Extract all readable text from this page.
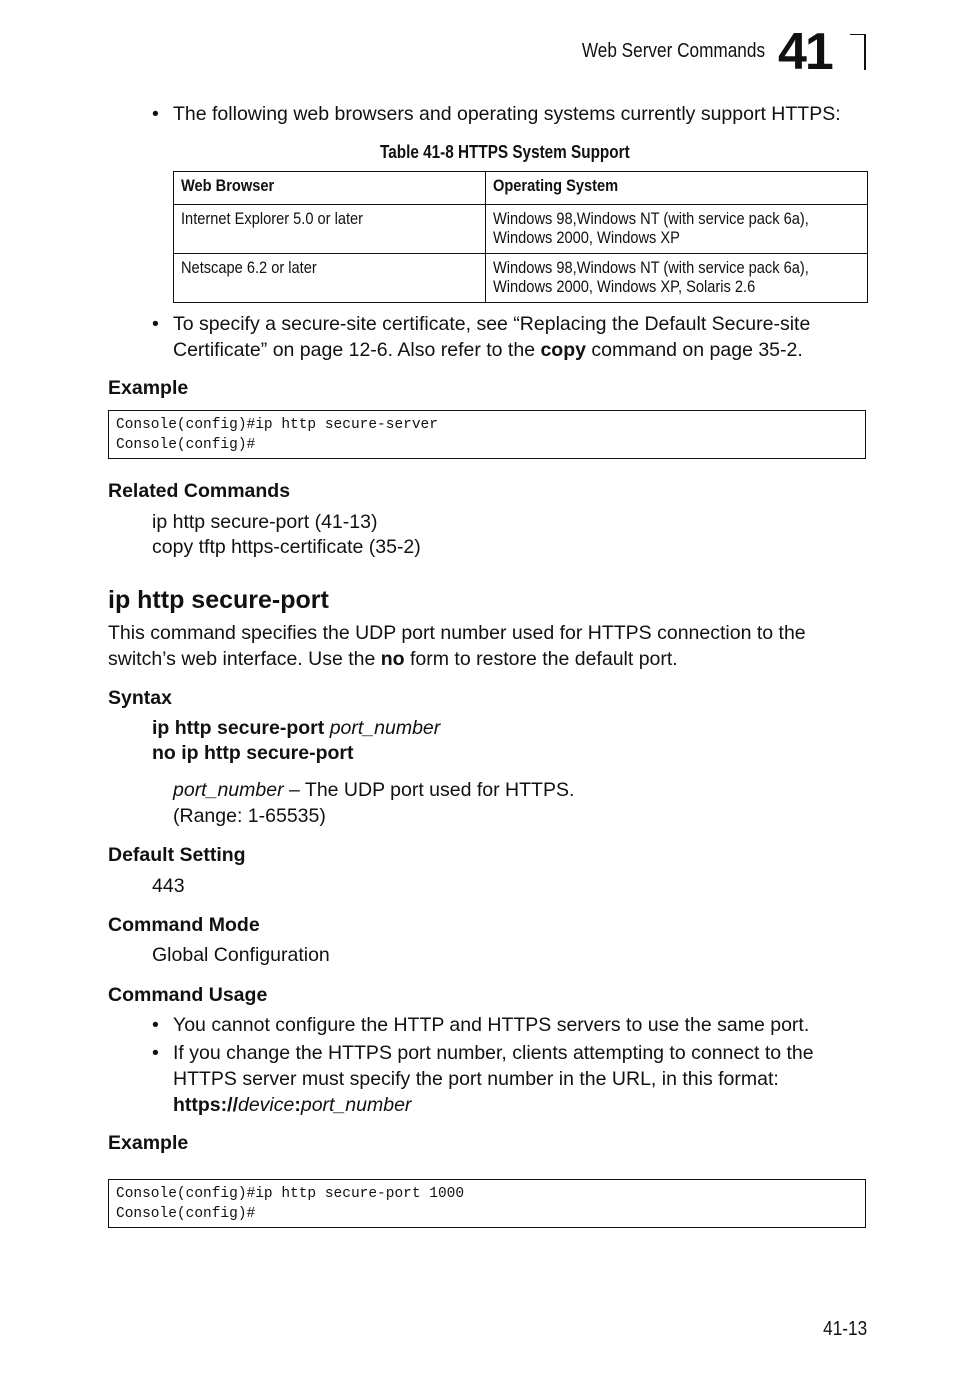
Web Server Commands 41
• The following web browsers and operating systems currently support HTTPS:
Table 41-8 HTTPS System Support
Web Browser	Operating System
Internet Explorer 5.0 or later	Windows 98,Windows NT (with service pack 6a),
Windows 2000, Windows XP
Netscape 6.2 or later	Windows 98,Windows NT (with service pack 6a),
Windows 2000, Windows XP, Solaris 2.6
• To specify a secure-site certificate, see “Replacing the Default Secure-site
Certificate” on page 12-6. Also refer to the copy command on page 35-2.
Example
Console(config)#ip http secure-server
Console(config)#
Related Commands
ip http secure-port (41-13)
copy tftp https-certificate (35-2)
ip http secure-port
This command specifies the UDP port number used for HTTPS connection to the
switch’s web interface. Use the no form to restore the default port.
Syntax
ip http secure-port port_number
no ip http secure-port
port_number – The UDP port used for HTTPS.
(Range: 1-65535)
Default Setting
443
Command Mode
Global Configuration
Command Usage
• You cannot configure the HTTP and HTTPS servers to use the same port.
• If you change the HTTPS port number, clients attempting to connect to the
HTTPS server must specify the port number in the URL, in this format:
https://device:port_number
Example
Console(config)#ip http secure-port 1000
Console(config)#
41-13
